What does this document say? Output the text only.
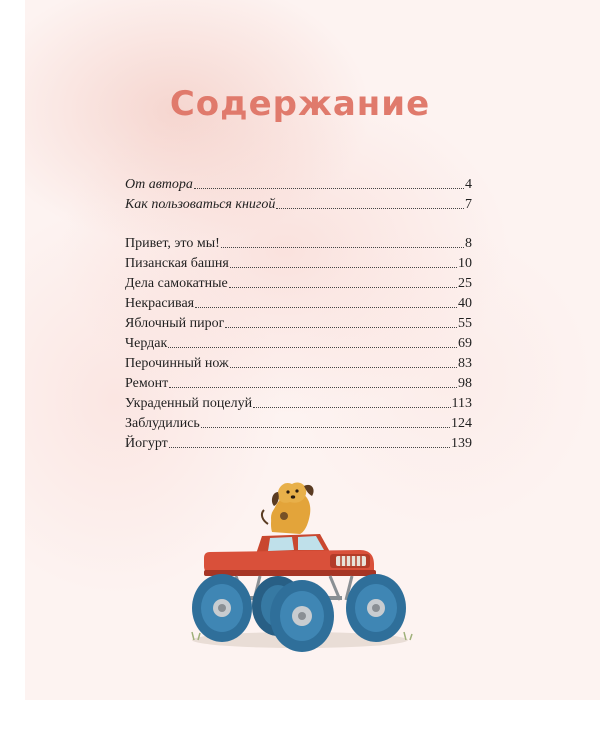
Содержание
От автора	4
Как пользоваться книгой	7
Привет, это мы!	8
Пизанская башня	10
Дела самокатные	25
Некрасивая	40
Яблочный пирог	55
Чердак	69
Перочинный нож	83
Ремонт	98
Украденный поцелуй	113
Заблудились	124
Йогурт	139
